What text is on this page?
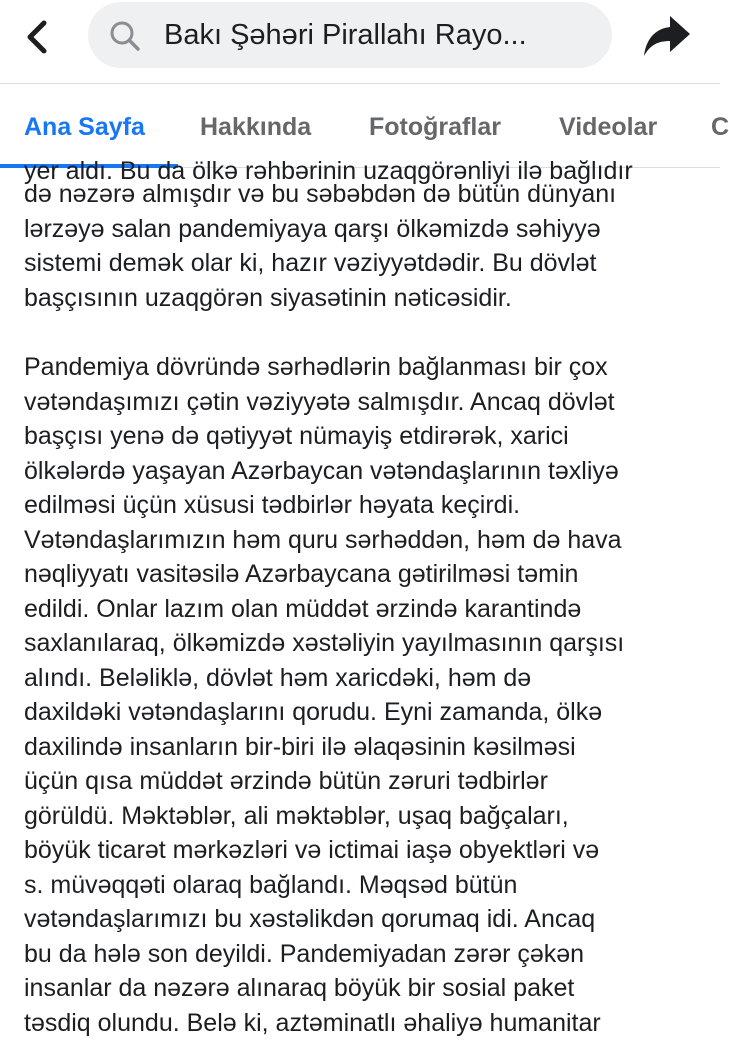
Bakı Şəhəri Pirallahı Rayo...
Ana Sayfa Hakkında Fotoğraflar Videolar C
yer aldı. Bu da ölkə rəhbərinin uzaqgörənliyi ilə bağlıdır
də nəzərə almışdır və bu səbəbdən də bütün dünyanı
lərzəyə salan pandemiyaya qarşı ölkəmizdə səhiyyə
sistemi demək olar ki, hazır vəziyyətdədir. Bu dövlət
başçısının uzaqgörən siyasətinin nəticəsidir.
Pandemiya dövründə sərhədlərin bağlanması bir çox
vətəndaşımızı çətin vəziyyətə salmışdır. Ancaq dövlət
başçısı yenə də qətiyyət nümayiş etdirərək, xarici
ölkələrdə yaşayan Azərbaycan vətəndaşlarının təxliyə
edilməsi üçün xüsusi tədbirlər həyata keçirdi.
Vətəndaşlarımızın həm quru sərhəddən, həm də hava
nəqliyyatı vasitəsilə Azərbaycana gətirilməsi təmin
edildi. Onlar lazım olan müddət ərzində karantində
saxlanılaraq, ölkəmizdə xəstəliyin yayılmasının qarşısı
alındı. Beləliklə, dövlət həm xaricdəki, həm də
daxildəki vətəndaşlarını qorudu. Eyni zamanda, ölkə
daxilində insanların bir-biri ilə əlaqəsinin kəsilməsi
üçün qısa müddət ərzində bütün zəruri tədbirlər
görüldü. Məktəblər, ali məktəblər, uşaq bağçaları,
böyük ticarət mərkəzləri və ictimai iaşə obyektləri və
s. müvəqqəti olaraq bağlandı. Məqsəd bütün
vətəndaşlarımızı bu xəstəlikdən qorumaq idi. Ancaq
bu da hələ son deyildi. Pandemiyadan zərər çəkən
insanlar da nəzərə alınaraq böyük bir sosial paket
təsdiq olundu. Belə ki, aztəminatlı əhaliyə humanitar
